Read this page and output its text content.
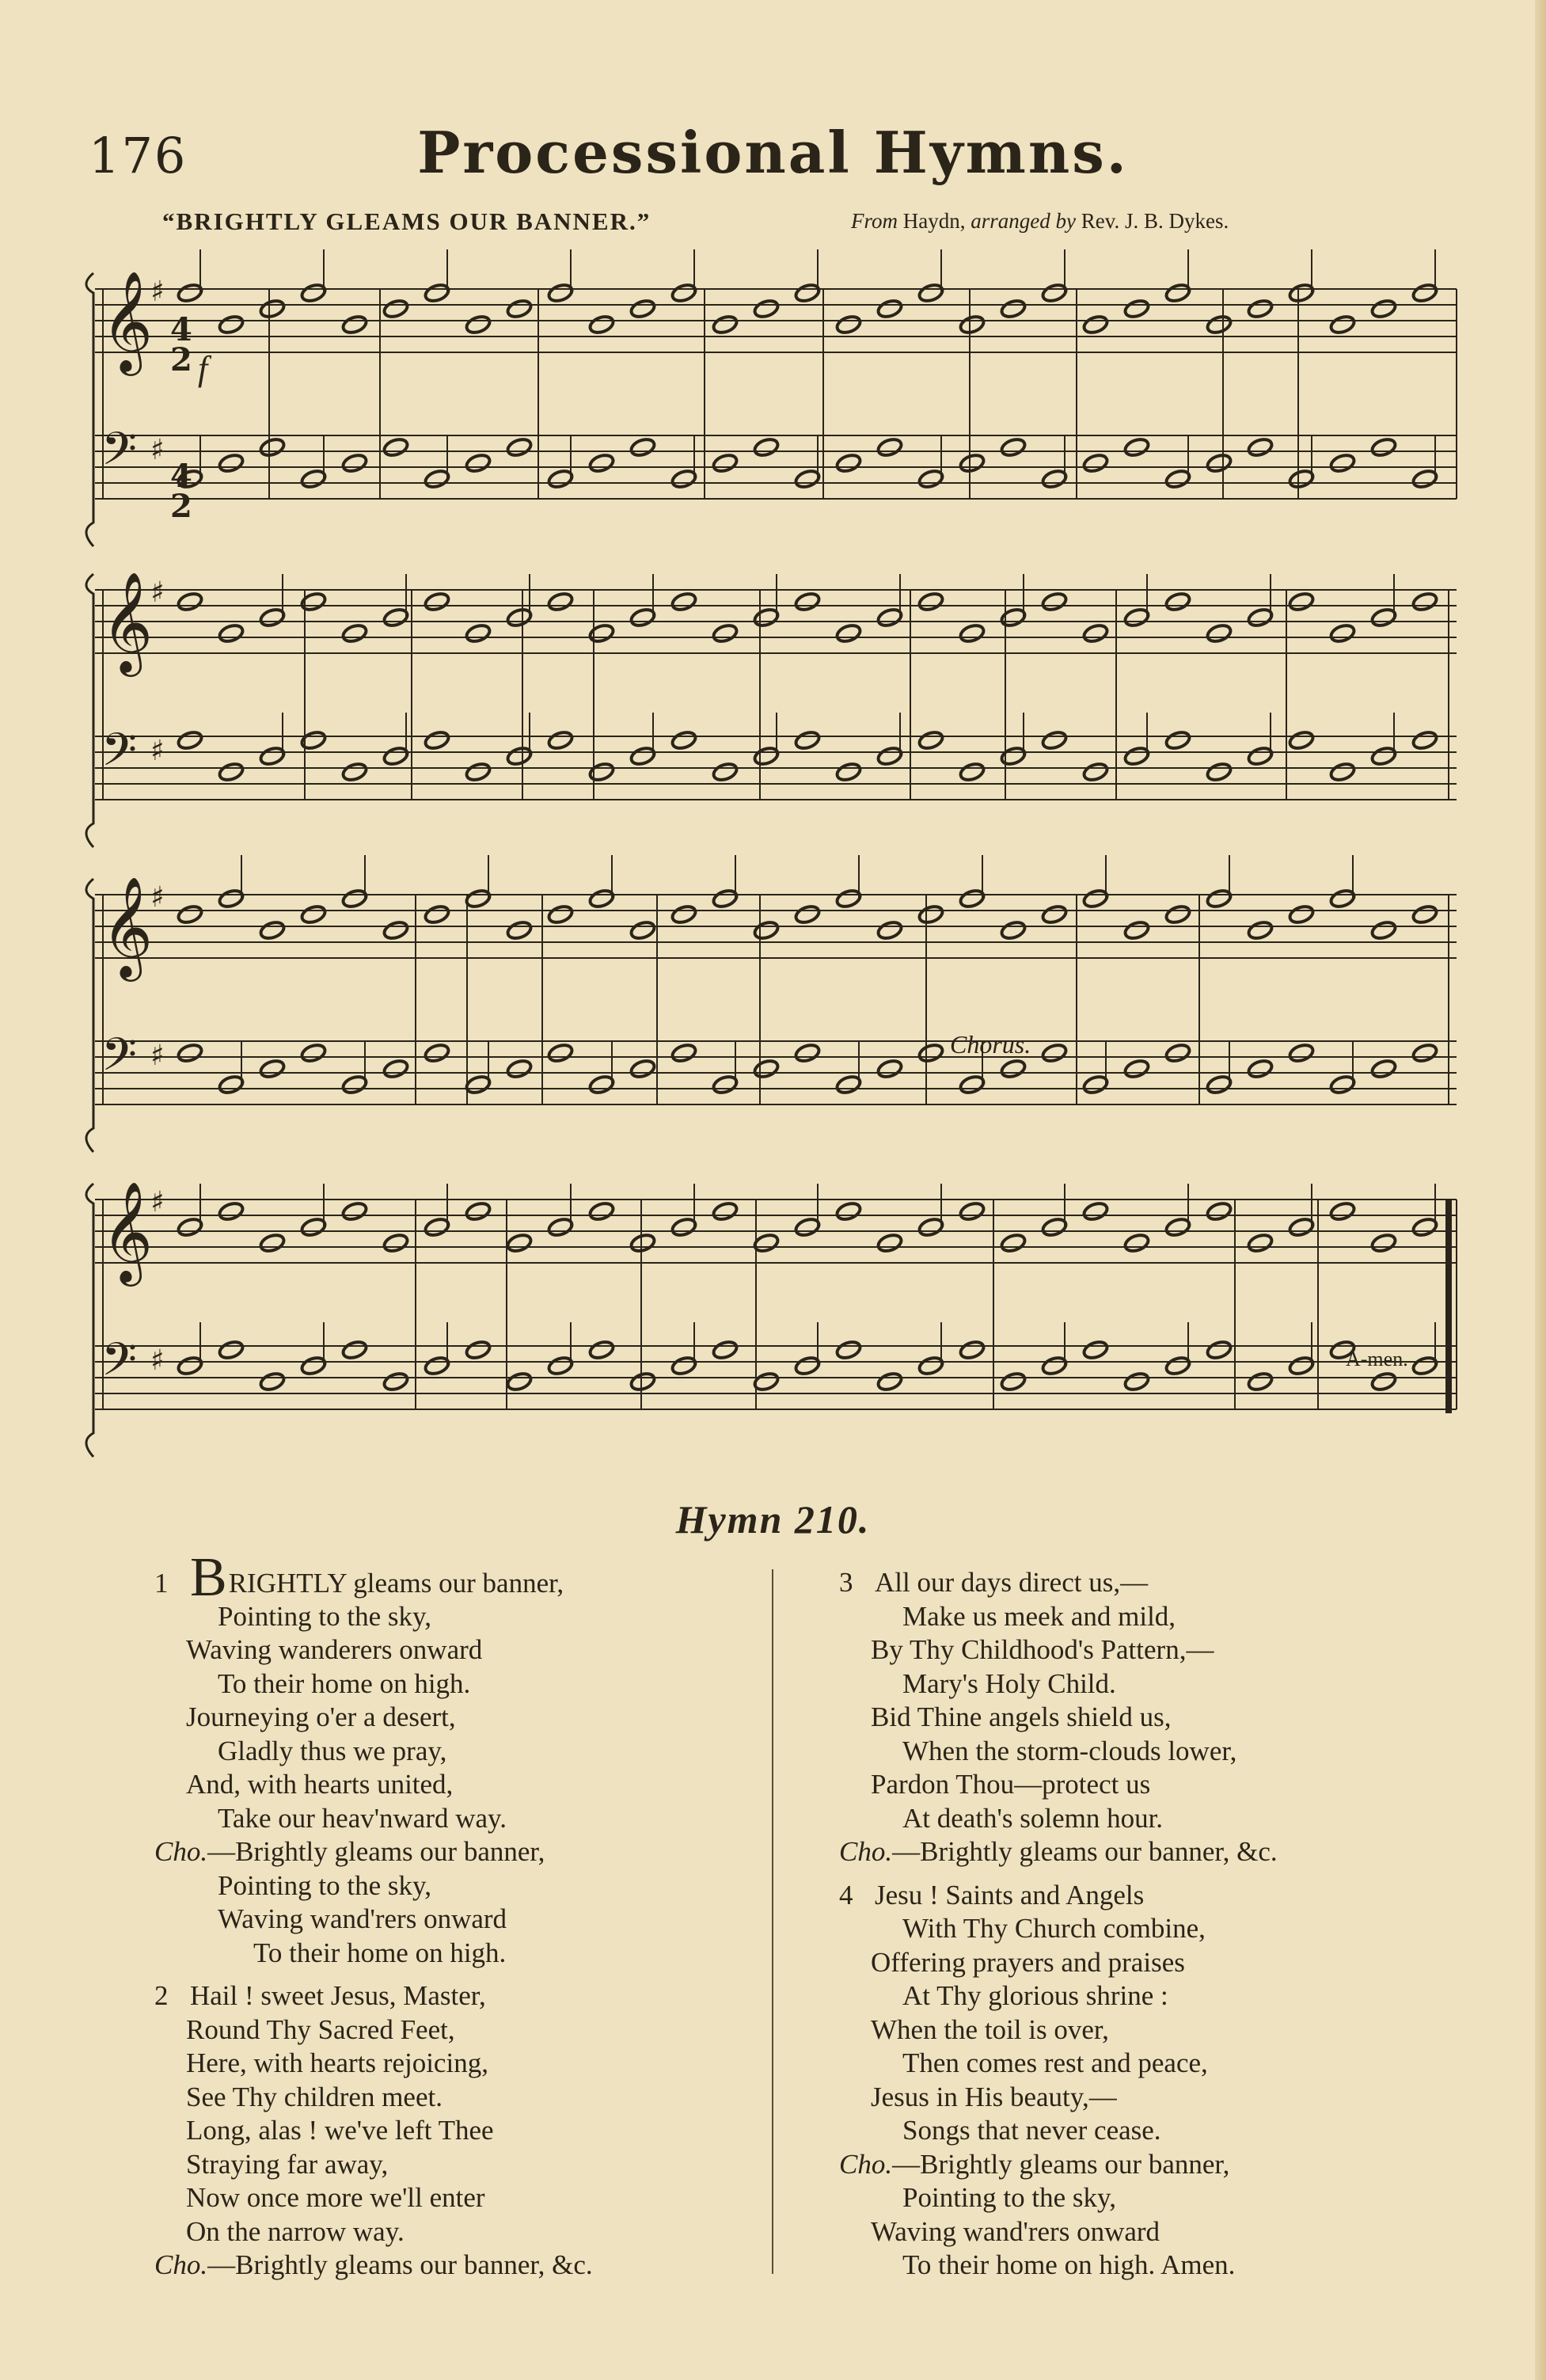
176	Processional Hymns.
“BRIGHTLY GLEAMS OUR BANNER.”	From Haydn, arranged by Rev. J. B. Dykes.
𝄞
♯
𝄢 ♯
𝄞
♯
𝄢 ♯
𝄞
♯
𝄢 ♯
𝄞
♯
𝄢 ♯
4
2
4
2
f
Chorus.
A-men.
Hymn 210.
1 BRIGHTLY gleams our banner,
Pointing to the sky,
Waving wanderers onward
To their home on high.
Journeying o'er a desert,
Gladly thus we pray,
And, with hearts united,
Take our heav'nward way.
Cho.—Brightly gleams our banner,
Pointing to the sky,
Waving wand'rers onward
To their home on high.
2 Hail ! sweet Jesus, Master,
Round Thy Sacred Feet,
Here, with hearts rejoicing,
See Thy children meet.
Long, alas ! we've left Thee
Straying far away,
Now once more we'll enter
On the narrow way.
Cho.—Brightly gleams our banner, &c.
3 All our days direct us,—
Make us meek and mild,
By Thy Childhood's Pattern,—
Mary's Holy Child.
Bid Thine angels shield us,
When the storm-clouds lower,
Pardon Thou—protect us
At death's solemn hour.
Cho.—Brightly gleams our banner, &c.
4 Jesu ! Saints and Angels
With Thy Church combine,
Offering prayers and praises
At Thy glorious shrine :
When the toil is over,
Then comes rest and peace,
Jesus in His beauty,—
Songs that never cease.
Cho.—Brightly gleams our banner,
Pointing to the sky,
Waving wand'rers onward
To their home on high. Amen.
